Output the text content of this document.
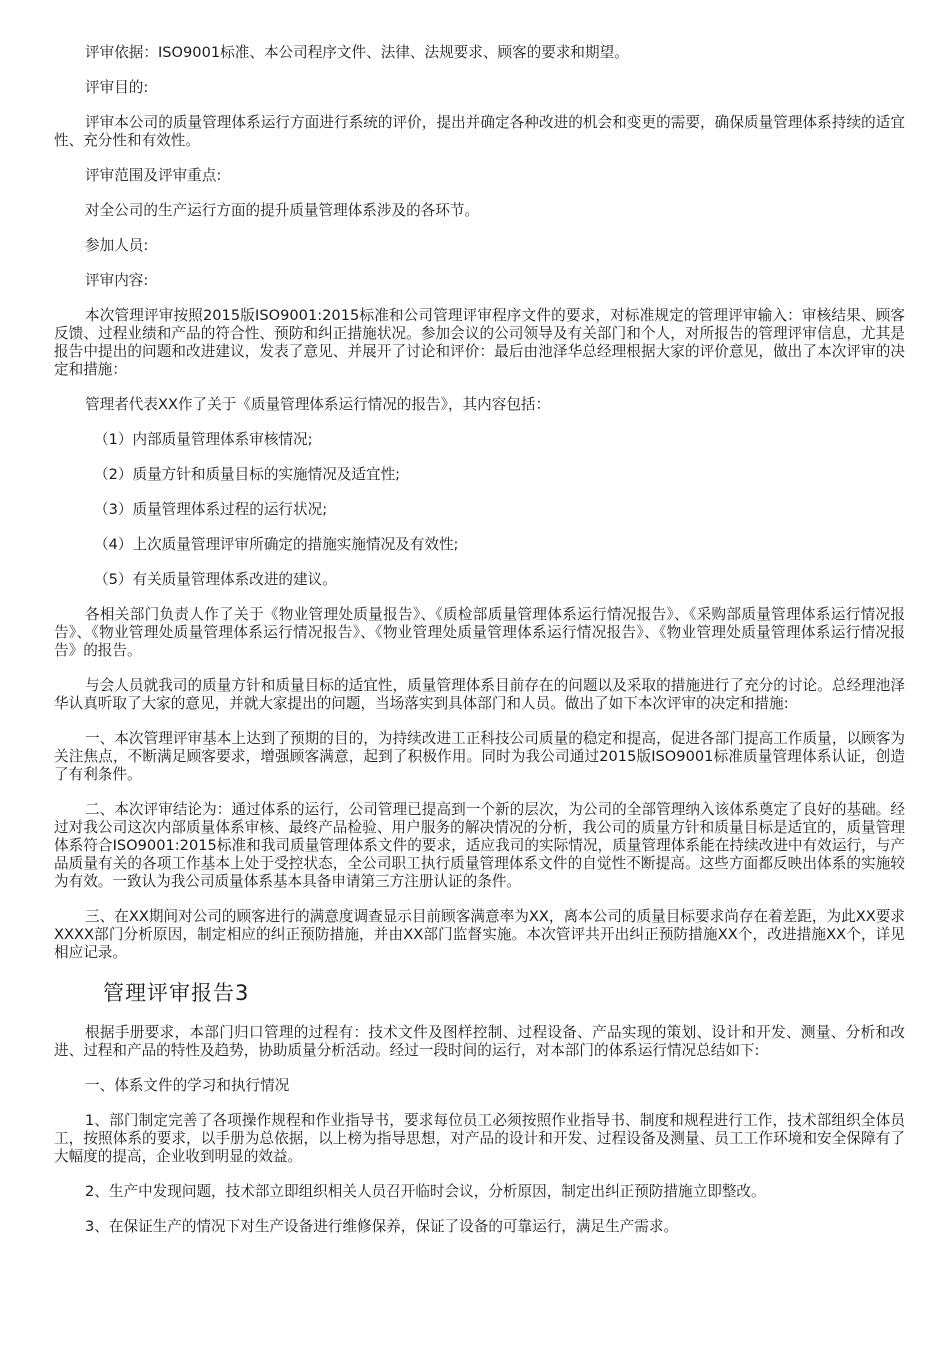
评审依据：ISO9001标准、本公司程序文件、法律、法规要求、顾客的要求和期望。

评审目的:

评审本公司的质量管理体系运行方面进行系统的评价，提出并确定各种改进的机会和变更的需要，确保质量管理体系持续的适宜性、充分性和有效性。

评审范围及评审重点:

对全公司的生产运行方面的提升质量管理体系涉及的各环节。

参加人员:

评审内容:

本次管理评审按照2015版ISO9001:2015标准和公司管理评审程序文件的要求，对标准规定的管理评审输入：审核结果、顾客反馈、过程业绩和产品的符合性、预防和纠正措施状况。参加会议的公司领导及有关部门和个人，对所报告的管理评审信息，尤其是报告中提出的问题和改进建议，发表了意见、并展开了讨论和评价：最后由池泽华总经理根据大家的评价意见，做出了本次评审的决定和措施：

管理者代表XX作了关于《质量管理体系运行情况的报告》，其内容包括：

（1）内部质量管理体系审核情况;
（2）质量方针和质量目标的实施情况及适宜性;
（3）质量管理体系过程的运行状况;
（4）上次质量管理评审所确定的措施实施情况及有效性;
（5）有关质量管理体系改进的建议。

各相关部门负责人作了关于《物业管理处质量报告》、《质检部质量管理体系运行情况报告》、《采购部质量管理体系运行情况报告》、《物业管理处质量管理体系运行情况报告》、《物业管理处质量管理体系运行情况报告》、《物业管理处质量管理体系运行情况报告》的报告。

与会人员就我司的质量方针和质量目标的适宜性，质量管理体系目前存在的问题以及采取的措施进行了充分的讨论。总经理池泽华认真听取了大家的意见，并就大家提出的问题，当场落实到具体部门和人员。做出了如下本次评审的决定和措施:

一、本次管理评审基本上达到了预期的目的，为持续改进工正科技公司质量的稳定和提高，促进各部门提高工作质量，以顾客为关注焦点，不断满足顾客要求，增强顾客满意，起到了积极作用。同时为我公司通过2015版ISO9001标准质量管理体系认证，创造了有利条件。

二、本次评审结论为：通过体系的运行，公司管理已提高到一个新的层次，为公司的全部管理纳入该体系奠定了良好的基础。经过对我公司这次内部质量体系审核、最终产品检验、用户服务的解决情况的分析，我公司的质量方针和质量目标是适宜的，质量管理体系符合ISO9001:2015标准和我司质量管理体系文件的要求，适应我司的实际情况，质量管理体系能在持续改进中有效运行，与产品质量有关的各项工作基本上处于受控状态，全公司职工执行质量管理体系文件的自觉性不断提高。这些方面都反映出体系的实施较为有效。一致认为我公司质量体系基本具备申请第三方注册认证的条件。

三、在XX期间对公司的顾客进行的满意度调查显示目前顾客满意率为XX，离本公司的质量目标要求尚存在着差距，为此XX要求XXXX部门分析原因，制定相应的纠正预防措施，并由XX部门监督实施。本次管评共开出纠正预防措施XX个，改进措施XX个，详见相应记录。

管理评审报告3

根据手册要求，本部门归口管理的过程有：技术文件及图样控制、过程设备、产品实现的策划、设计和开发、测量、分析和改进、过程和产品的特性及趋势，协助质量分析活动。经过一段时间的运行，对本部门的体系运行情况总结如下:

一、体系文件的学习和执行情况

1、部门制定完善了各项操作规程和作业指导书，要求每位员工必须按照作业指导书、制度和规程进行工作，技术部组织全体员工，按照体系的要求，以手册为总依据，以上榜为指导思想，对产品的设计和开发、过程设备及测量、员工工作环境和安全保障有了大幅度的提高，企业收到明显的效益。

2、生产中发现问题，技术部立即组织相关人员召开临时会议，分析原因，制定出纠正预防措施立即整改。

3、在保证生产的情况下对生产设备进行维修保养，保证了设备的可靠运行，满足生产需求。
